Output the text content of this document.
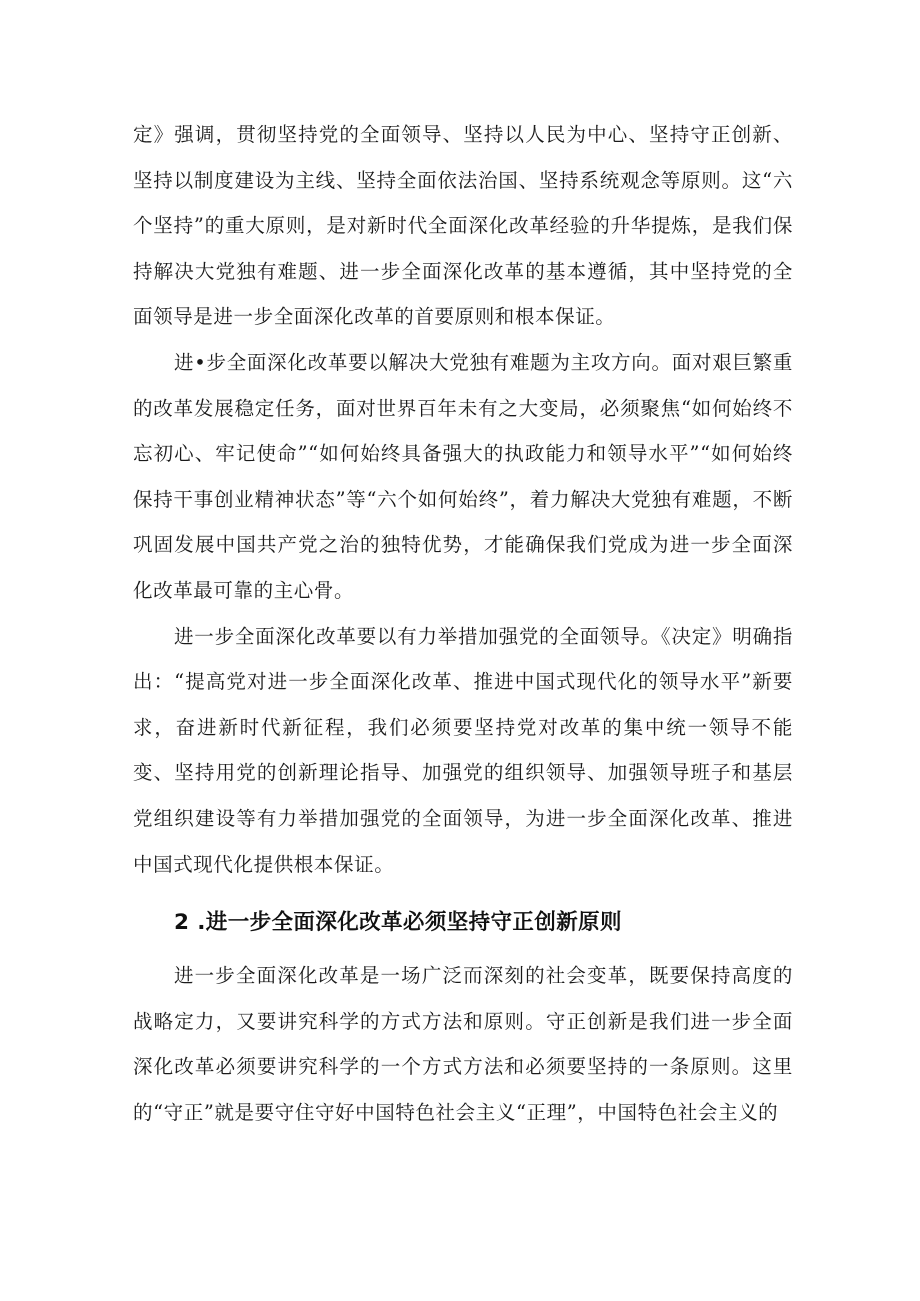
定》强调，贯彻坚持党的全面领导、坚持以人民为中心、坚持守正创新、坚持以制度建设为主线、坚持全面依法治国、坚持系统观念等原则。这“六个坚持”的重大原则，是对新时代全面深化改革经验的升华提炼，是我们保持解决大党独有难题、进一步全面深化改革的基本遵循，其中坚持党的全面领导是进一步全面深化改革的首要原则和根本保证。

进•步全面深化改革要以解决大党独有难题为主攻方向。面对艰巨繁重的改革发展稳定任务，面对世界百年未有之大变局，必须聚焦“如何始终不忘初心、牢记使命”“如何始终具备强大的执政能力和领导水平”“如何始终保持干事创业精神状态”等“六个如何始终”，着力解决大党独有难题，不断巩固发展中国共产党之治的独特优势，才能确保我们党成为进一步全面深化改革最可靠的主心骨。

进一步全面深化改革要以有力举措加强党的全面领导。《决定》明确指出：“提高党对进一步全面深化改革、推进中国式现代化的领导水平”新要求，奋进新时代新征程，我们必须要坚持党对改革的集中统一领导不能变、坚持用党的创新理论指导、加强党的组织领导、加强领导班子和基层党组织建设等有力举措加强党的全面领导，为进一步全面深化改革、推进中国式现代化提供根本保证。

2 .进一步全面深化改革必须坚持守正创新原则

进一步全面深化改革是一场广泛而深刻的社会变革，既要保持高度的战略定力，又要讲究科学的方式方法和原则。守正创新是我们进一步全面深化改革必须要讲究科学的一个方式方法和必须要坚持的一条原则。这里的“守正”就是要守住守好中国特色社会主义“正理”，中国特色社会主义的
